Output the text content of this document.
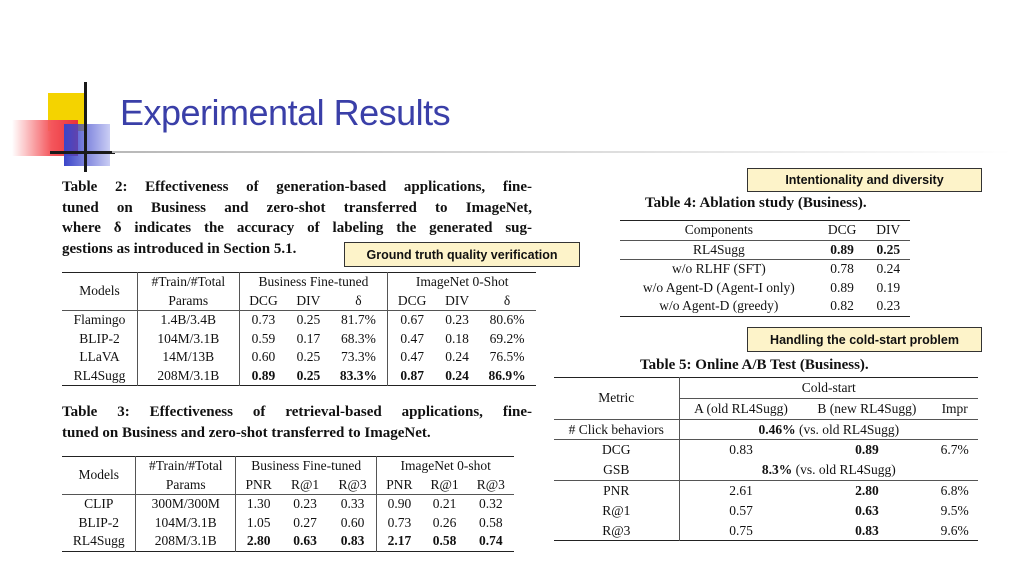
Experimental Results
Table 2: Effectiveness of generation-based applications, fine-
tuned on Business and zero-shot transferred to ImageNet,
where δ indicates the accuracy of labeling the generated sug-
gestions as introduced in Section 5.1.
Models	#Train/#Total	Business Fine-tuned			ImageNet 0-Shot		
	Params	DCG	DIV	δ	DCG	DIV	δ
Flamingo	1.4B/3.4B	0.73	0.25	81.7%	0.67	0.23	80.6%
BLIP-2	104M/3.1B	0.59	0.17	68.3%	0.47	0.18	69.2%
LLaVA	14M/13B	0.60	0.25	73.3%	0.47	0.24	76.5%
RL4Sugg	208M/3.1B	0.89	0.25	83.3%	0.87	0.24	86.9%
Table 3: Effectiveness of retrieval-based applications, fine-
tuned on Business and zero-shot transferred to ImageNet.
Models	#Train/#Total	Business Fine-tuned			ImageNet 0-shot		
	Params	PNR	R@1	R@3	PNR	R@1	R@3
CLIP	300M/300M	1.30	0.23	0.33	0.90	0.21	0.32
BLIP-2	104M/3.1B	1.05	0.27	0.60	0.73	0.26	0.58
RL4Sugg	208M/3.1B	2.80	0.63	0.83	2.17	0.58	0.74
Table 4: Ablation study (Business).
Components	DCG	DIV
RL4Sugg	0.89	0.25
w/o RLHF (SFT)	0.78	0.24
w/o Agent-D (Agent-I only)	0.89	0.19
w/o Agent-D (greedy)	0.82	0.23
Table 5: Online A/B Test (Business).
Metric	Cold-start		
	A (old RL4Sugg)	B (new RL4Sugg)	Impr
# Click behaviors	0.46% (vs. old RL4Sugg)		
DCG	0.83	0.89	6.7%
GSB	8.3% (vs. old RL4Sugg)		
PNR	2.61	2.80	6.8%
R@1	0.57	0.63	9.5%
R@3	0.75	0.83	9.6%
Intentionality and diversity
Ground truth quality verification
Handling the cold-start problem
